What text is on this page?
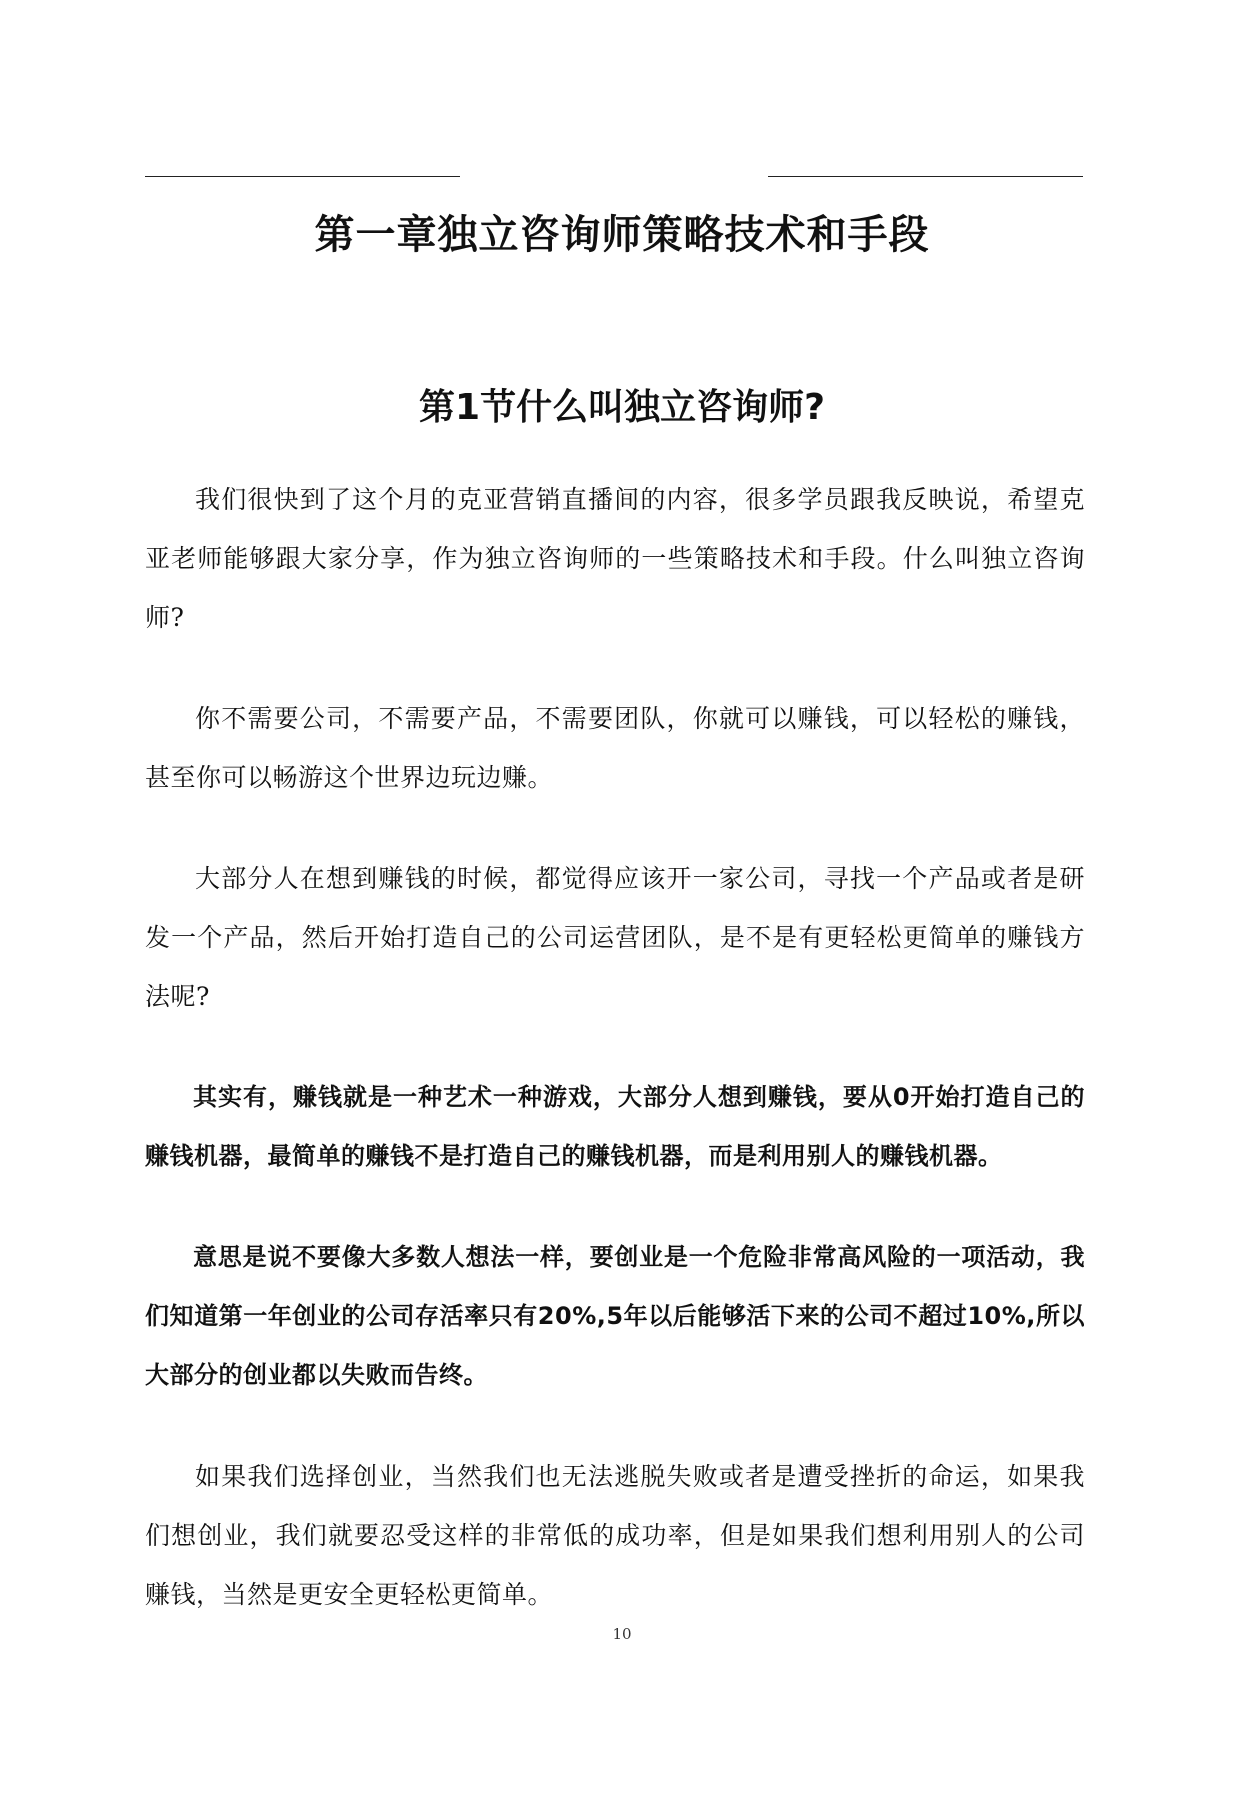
第一章独立咨询师策略技术和手段
第1节什么叫独立咨询师?

我们很快到了这个月的克亚营销直播间的内容，很多学员跟我反映说，希望克亚老师能够跟大家分享，作为独立咨询师的一些策略技术和手段。什么叫独立咨询师?

你不需要公司，不需要产品，不需要团队，你就可以赚钱，可以轻松的赚钱，甚至你可以畅游这个世界边玩边赚。

大部分人在想到赚钱的时候，都觉得应该开一家公司，寻找一个产品或者是研发一个产品，然后开始打造自己的公司运营团队，是不是有更轻松更简单的赚钱方法呢?

其实有，赚钱就是一种艺术一种游戏，大部分人想到赚钱，要从0开始打造自己的赚钱机器，最简单的赚钱不是打造自己的赚钱机器，而是利用别人的赚钱机器。

意思是说不要像大多数人想法一样，要创业是一个危险非常高风险的一项活动，我们知道第一年创业的公司存活率只有20%,5年以后能够活下来的公司不超过10%,所以大部分的创业都以失败而告终。

如果我们选择创业，当然我们也无法逃脱失败或者是遭受挫折的命运，如果我们想创业，我们就要忍受这样的非常低的成功率，但是如果我们想利用别人的公司赚钱，当然是更安全更轻松更简单。

10
